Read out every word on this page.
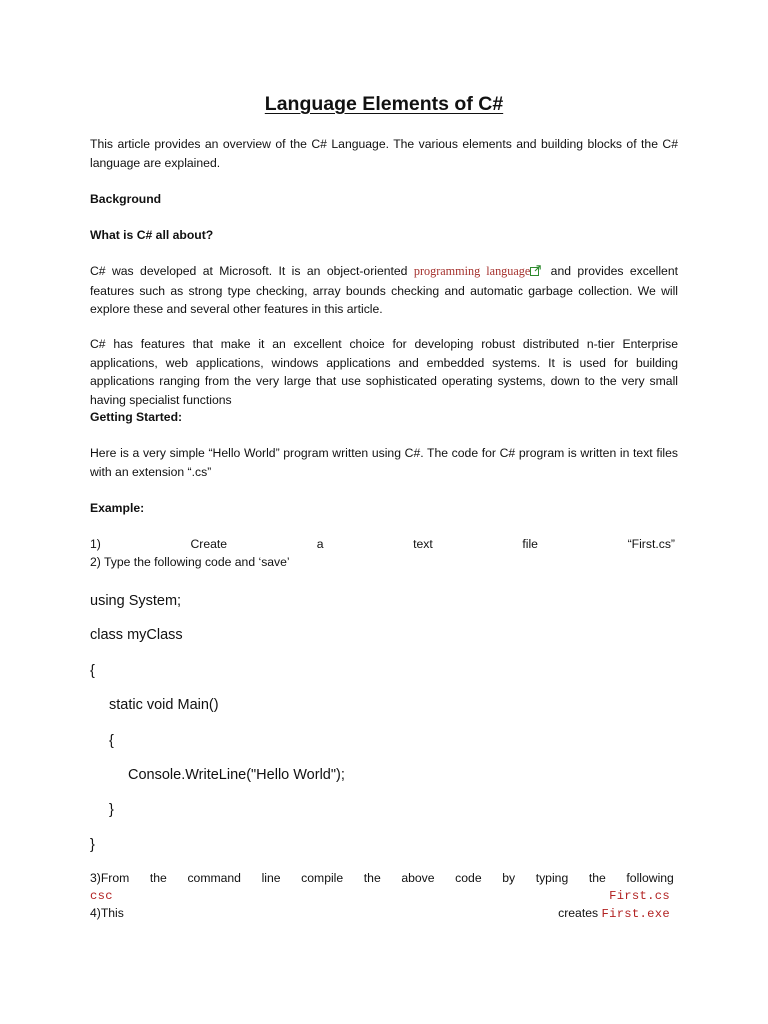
Language Elements of C#
This article provides an overview of the C# Language. The various elements and building blocks of the C# language are explained.
Background
What is C# all about?
C# was developed at Microsoft. It is an object-oriented programming language and provides excellent features such as strong type checking, array bounds checking and automatic garbage collection. We will explore these and several other features in this article.
C# has features that make it an excellent choice for developing robust distributed n-tier Enterprise applications, web applications, windows applications and embedded systems. It is used for building applications ranging from the very large that use sophisticated operating systems, down to the very small having specialist functions
Getting Started:
Here is a very simple “Hello World” program written using C#. The code for C# program is written in text files with an extension “.cs”
Example:
1)	Create	a	text	file	“First.cs”
2) Type the following code and ‘save’
using System;
class myClass
{
static void Main()
{
Console.WriteLine("Hello World");
}
}
3)From the command line compile the above code by typing the following
csc	First.cs
4)This	creates First.exe
